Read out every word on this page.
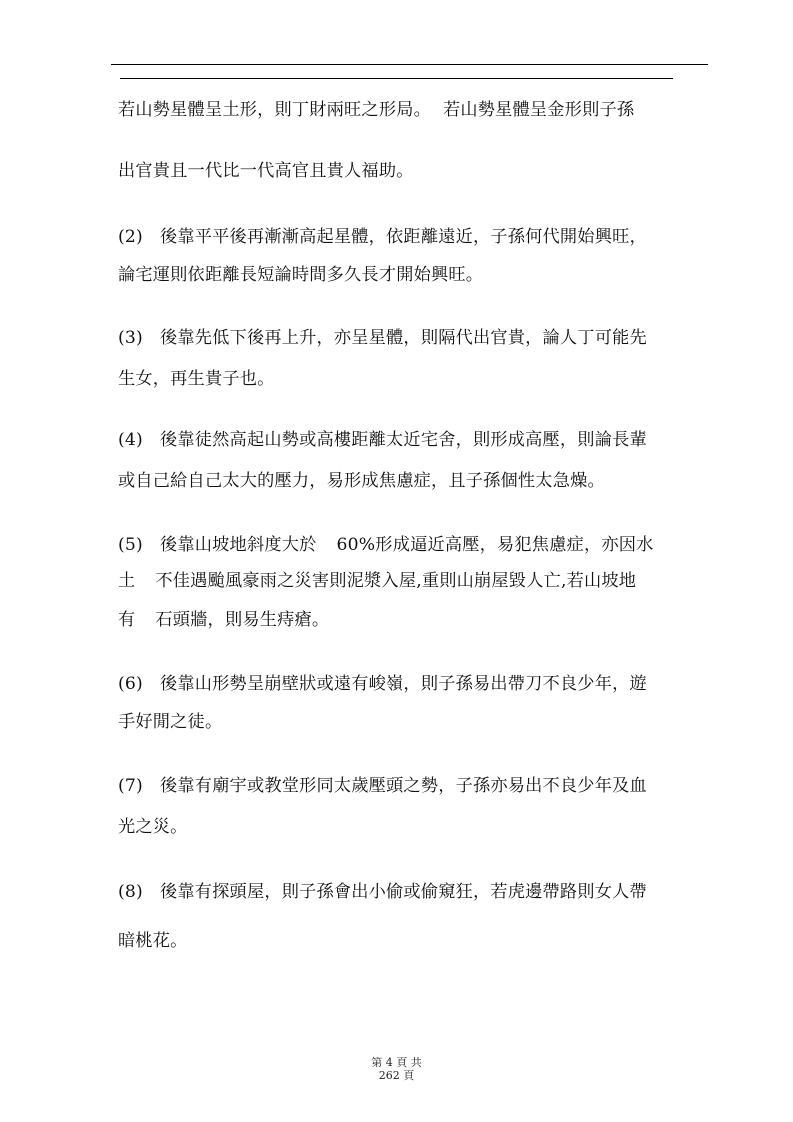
若山勢星體呈土形，則丁財兩旺之形局。 若山勢星體呈金形則子孫
出官貴且一代比一代高官且貴人福助。
(2) 後靠平平後再漸漸高起星體，依距離遠近，子孫何代開始興旺，
論宅運則依距離長短論時間多久長才開始興旺。
(3) 後靠先低下後再上升，亦呈星體，則隔代出官貴，論人丁可能先
生女，再生貴子也。
(4) 後靠徒然高起山勢或高樓距離太近宅舍，則形成高壓，則論長輩
或自己給自己太大的壓力，易形成焦慮症，且子孫個性太急燥。
(5) 後靠山坡地斜度大於 60%形成逼近高壓，易犯焦慮症，亦因水
土 不佳遇颱風豪雨之災害則泥漿入屋,重則山崩屋毀人亡,若山坡地
有 石頭牆，則易生痔瘡。
(6) 後靠山形勢呈崩壁狀或遠有峻嶺，則子孫易出帶刀不良少年，遊
手好閒之徒。
(7) 後靠有廟宇或教堂形同太歲壓頭之勢，子孫亦易出不良少年及血
光之災。
(8) 後靠有探頭屋，則子孫會出小偷或偷窺狂，若虎邊帶路則女人帶
暗桃花。
第 4 頁 共
262 頁
